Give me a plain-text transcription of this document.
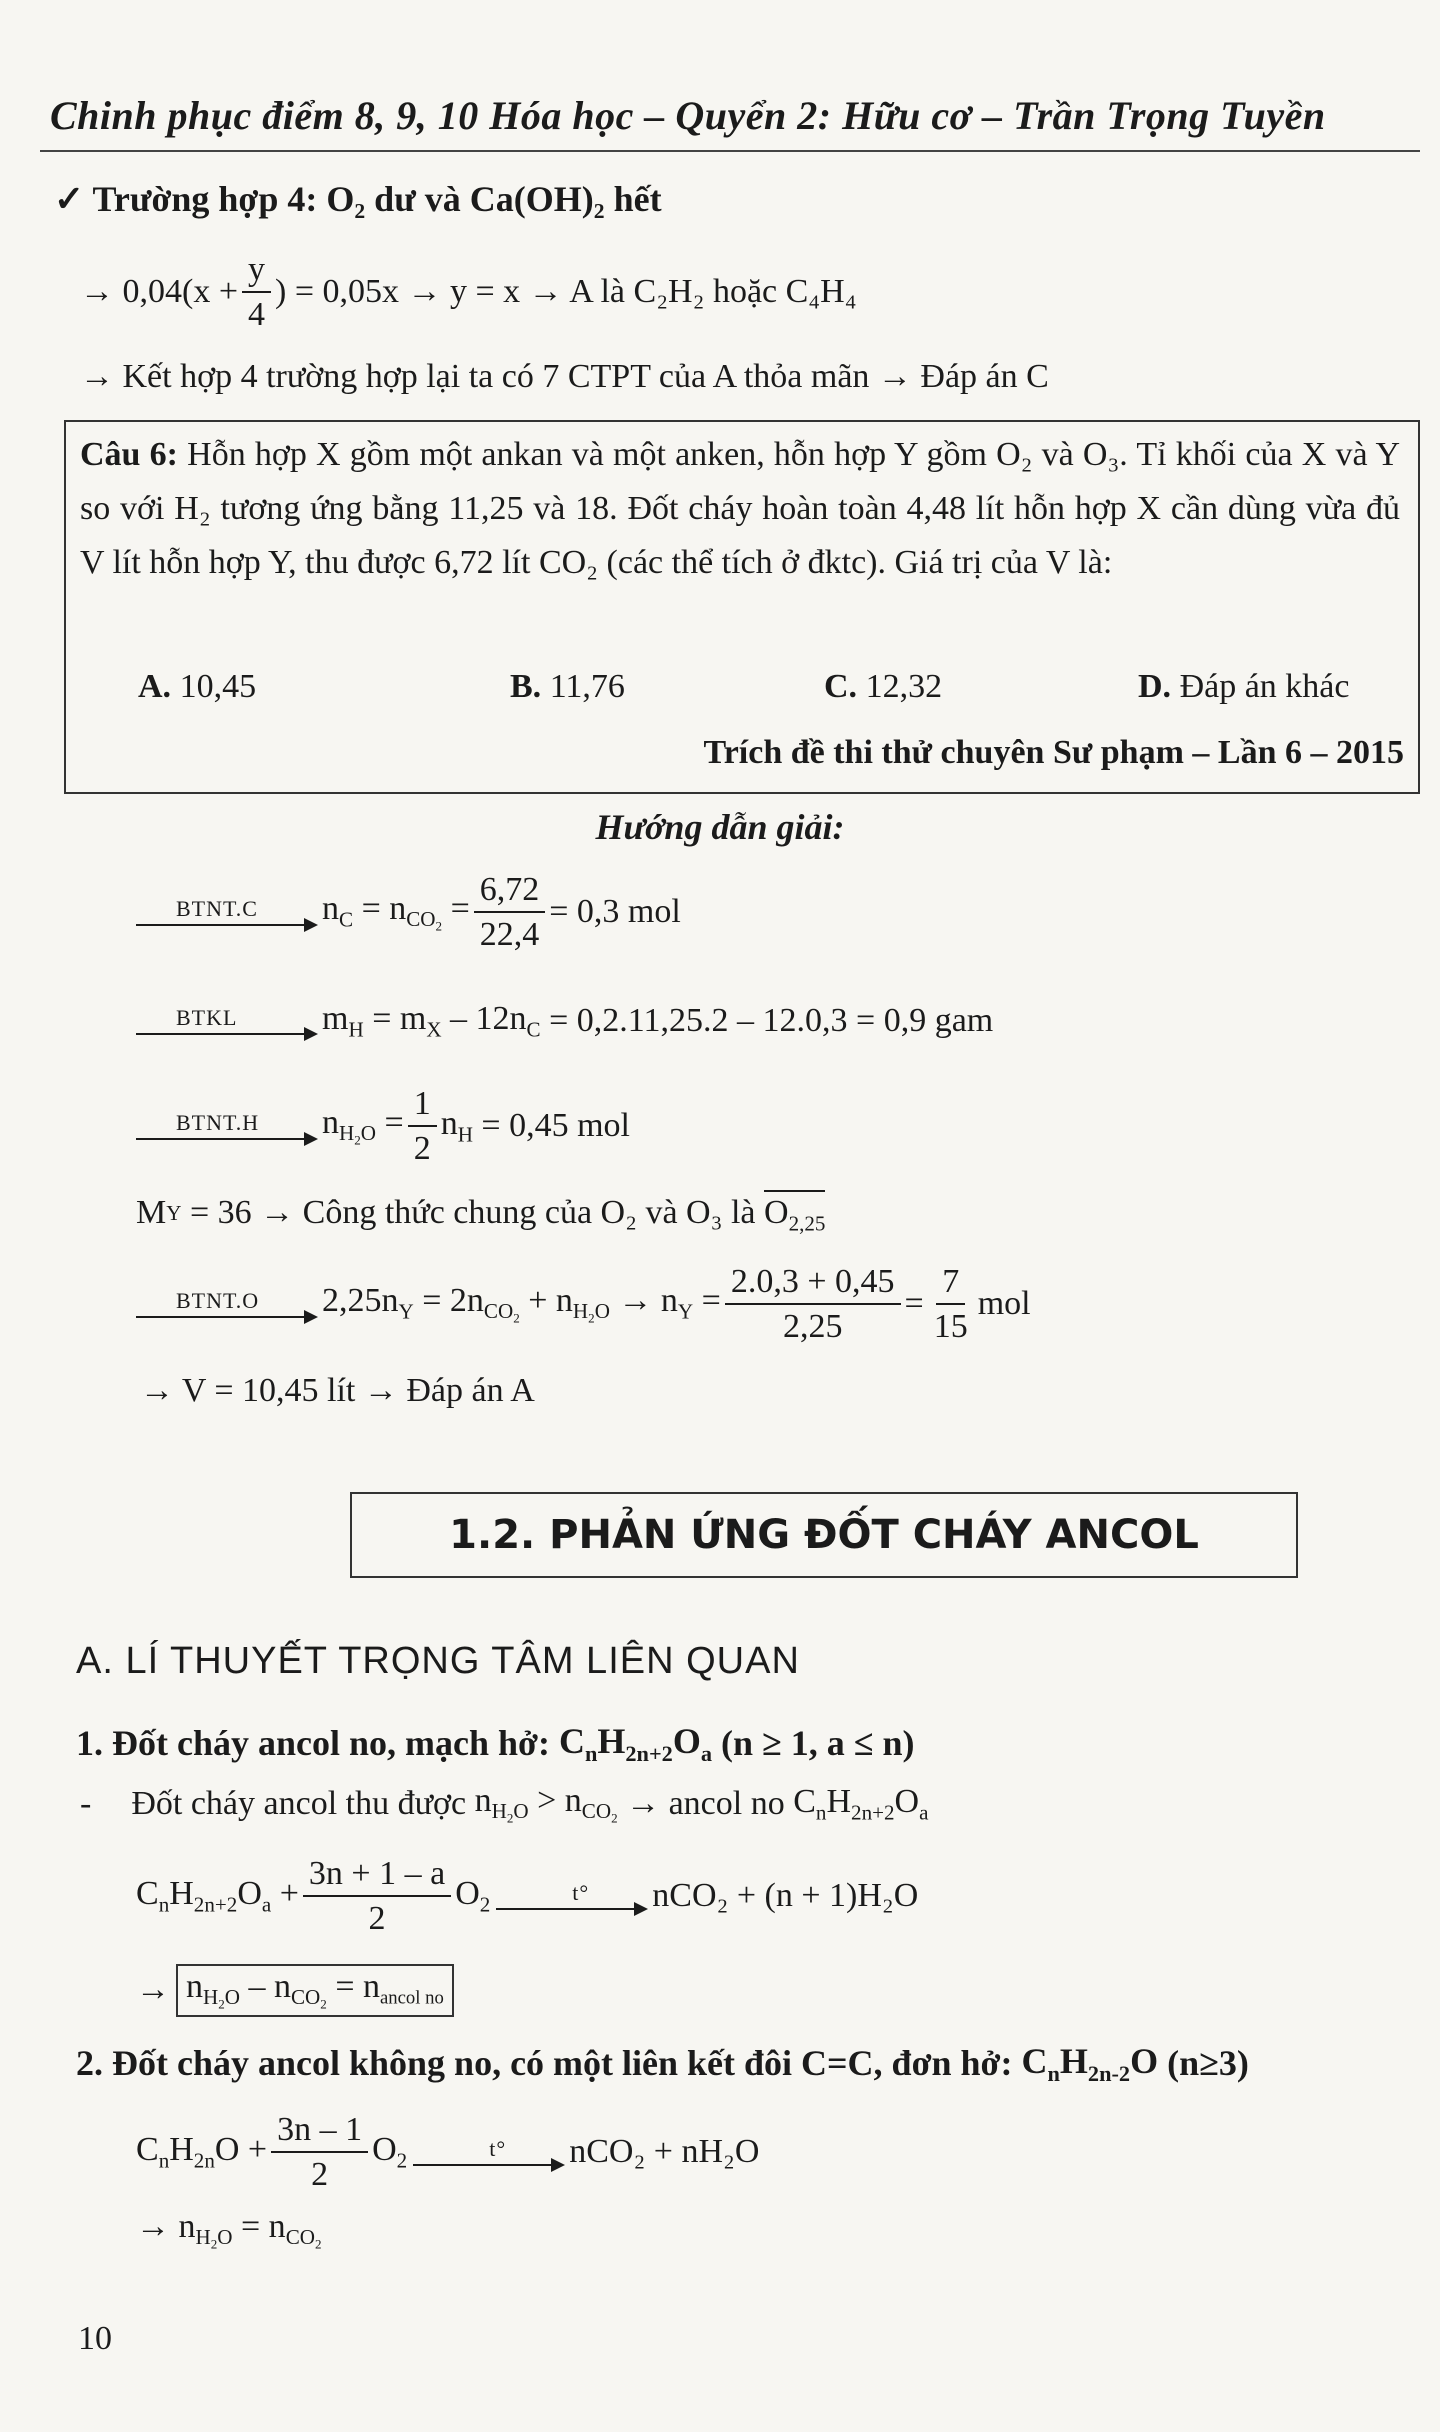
Chinh phục điểm 8, 9, 10 Hóa học – Quyển 2: Hữu cơ – Trần Trọng Tuyền
✓ Trường hợp 4: O₂ dư và Ca(OH)₂ hết
→ $0,04(x + \frac{y}{4}$ ) = 0,05x → y = x → A là C₂H₂ hoặc C₄H₄
→ Kết hợp 4 trường hợp lại ta có 7 CTPT của A thỏa mãn → Đáp án C
Câu 6: Hỗn hợp X gồm một ankan và một anken, hỗn hợp Y gồm O₂ và O₃. Tỉ khối của X và Y so với H₂ tương ứng bằng 11,25 và 18. Đốt cháy hoàn toàn 4,48 lít hỗn hợp X cần dùng vừa đủ V lít hỗn hợp Y, thu được 6,72 lít CO₂ (các thể tích ở đktc). Giá trị của V là:
A. 10,45	B. 11,76	C. 12,32	D. Đáp án khác
Trích đề thi thử chuyên Sư phạm – Lần 6 – 2015
Hướng dẫn giải:
BTNT.C $n_C = n_{CO_2} = \frac{6,72}{22,4} = 0,3$ mol
BTKL $m_H = m_X - 12n_C = 0,2.11,25.2 - 12.0,3 = 0,9$ gam
BTNT.H $n_{H_2O} = \frac{1}{2} n_H = 0,45$ mol
M Y
= 36 → Công thức chung của O₂ và O₃ là
$O_{2,25}$
BTNT.O $2,25n_Y = 2n_{CO_2} + n_{H_2O} \to n_Y = \frac{2.0,3 + 0,45}{2,25} = \frac{7}{15}$ mol
→ V = 10,45 lít → Đáp án A
1.2. PHẢN ỨNG ĐỐT CHÁY ANCOL
A. LÍ THUYẾT TRỌNG TÂM LIÊN QUAN
1. Đốt cháy ancol no, mạch hở:
$C_nH_{2n+2}O_a$
(n ≥ 1, a ≤ n)
- Đốt cháy ancol thu được
$n_{H_2O} > n_{CO_2}$
→ ancol no
$C_nH_{2n+2}O_a$
$C_nH_{2n+2}O_a + \frac{3n + 1 - a}{2} O_2$	t° nCO₂ + (n + 1)H₂O
→ $n_{H_2O} - n_{CO_2} = n_{ancol no}$
2. Đốt cháy ancol không no, có một liên kết đôi C=C, đơn hở:
$C_nH_{2n-2}O$
(n≥3)
$C_nH_{2n}O + \frac{3n - 1}{2} O_2$	t° nCO₂ + nH₂O
→ $n_{H_2O} = n_{CO_2}$
10
